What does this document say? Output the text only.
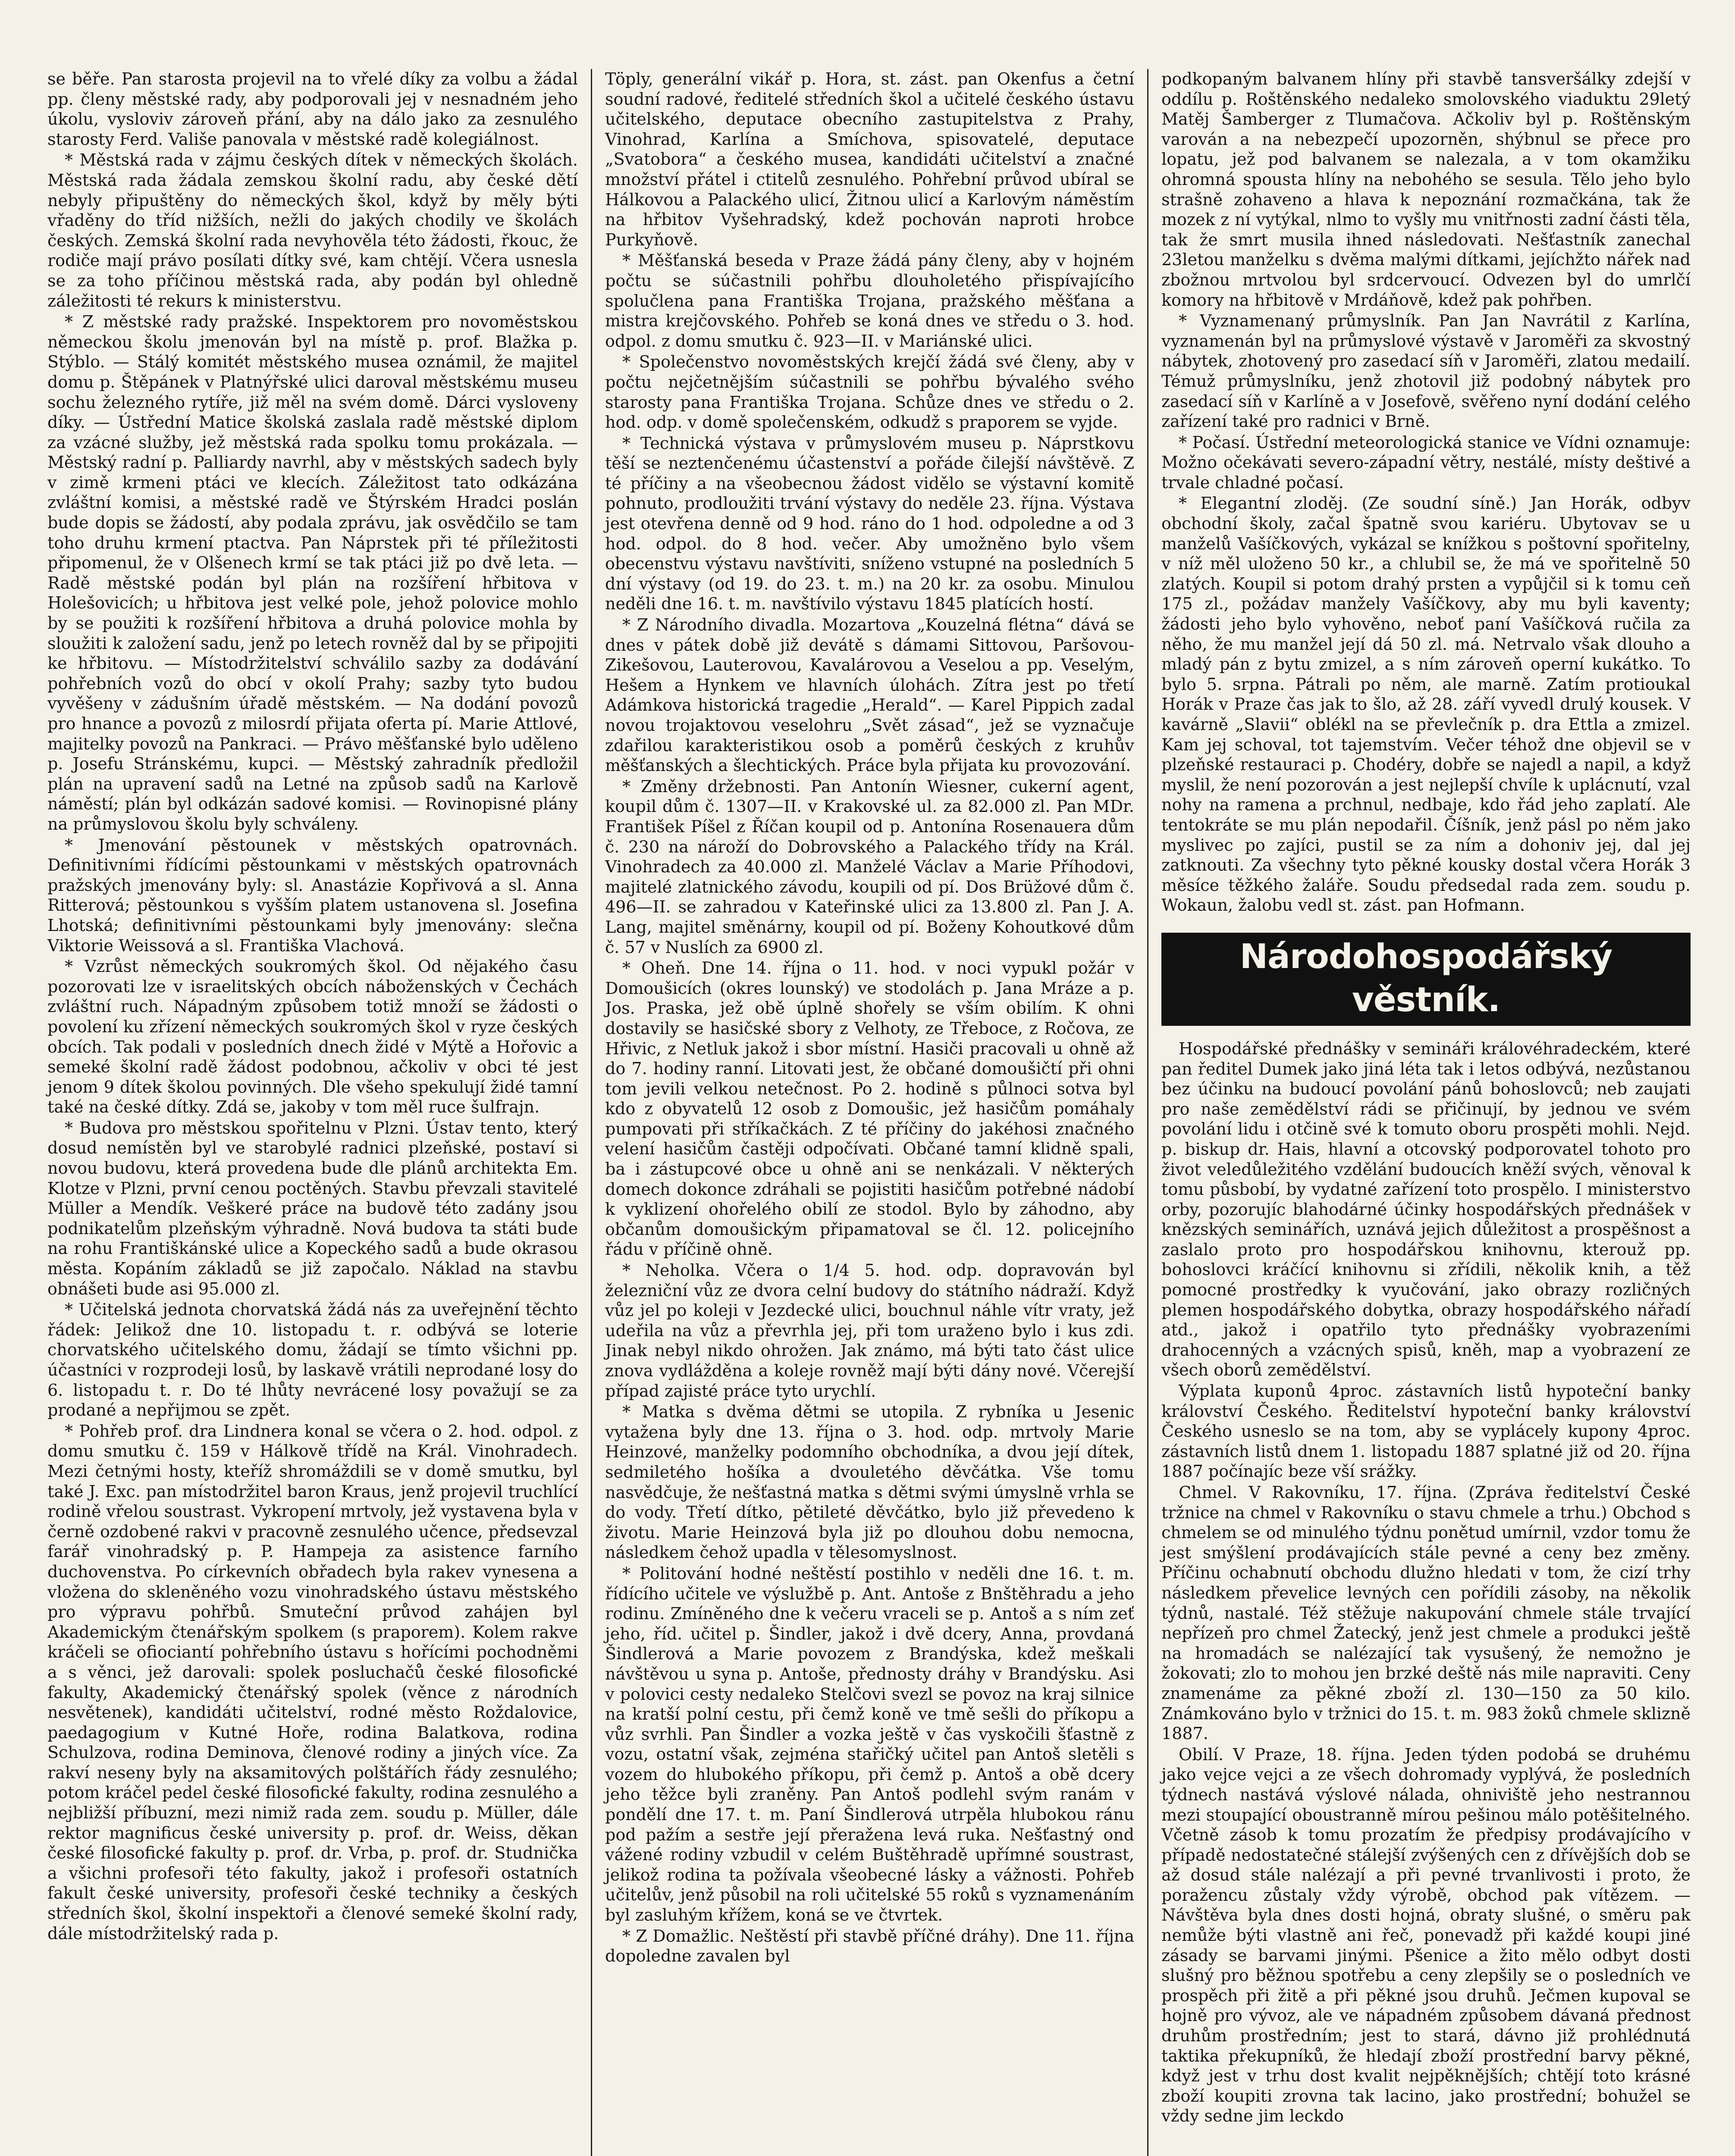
se běře. Pan starosta projevil na to vřelé díky za volbu a žádal pp. členy městské rady, aby podporovali jej v nesnadném jeho úkolu, vysloviv zároveň přání, aby na dálo jako za zesnulého starosty Ferd. Vališe panovala v městské radě kolegiálnost.

* Městská rada v zájmu českých dítek v německých školách. Městská rada žádala zemskou školní radu, aby české dětí nebyly připuštěny do německých škol, když by měly býti vřaděny do tříd nižších, nežli do jakých chodily ve školách českých. Zemská školní rada nevyhověla této žádosti, řkouc, že rodiče mají právo posílati dítky své, kam chtějí. Včera usnesla se za toho příčinou městská rada, aby podán byl ohledně záležitosti té rekurs k ministerstvu.

* Z městské rady pražské. Inspektorem pro novoměstskou německou školu jmenován byl na místě p. prof. Blažka p. Stýblo. — Stálý komitét městského musea oznámil, že majitel domu p. Štěpánek v Platnýřské ulici daroval městskému museu sochu železného rytíře, již měl na svém domě. Dárci vysloveny díky. — Ústřední Matice školská zaslala radě městské diplom za vzácné služby, jež městská rada spolku tomu prokázala. — Městský radní p. Palliardy navrhl, aby v městských sadech byly v zimě krmeni ptáci ve klecích. Záležitost tato odkázána zvláštní komisi, a městské radě ve Štýrském Hradci poslán bude dopis se žádostí, aby podala zprávu, jak osvědčilo se tam toho druhu krmení ptactva. Pan Náprstek při té příležitosti připomenul, že v Olšenech krmí se tak ptáci již po dvě leta. — Radě městské podán byl plán na rozšíření hřbitova v Holešovicích; u hřbitova jest velké pole, jehož polovice mohlo by se použiti k rozšíření hřbitova a druhá polovice mohla by sloužiti k založení sadu, jenž po letech rovněž dal by se připojiti ke hřbitovu. — Místodržitelství schválilo sazby za dodávání pohřebních vozů do obcí v okolí Prahy; sazby tyto budou vyvěšeny v zádušním úřadě městském. — Na dodání povozů pro hnance a povozů z milosrdí přijata oferta pí. Marie Attlové, majitelky povozů na Pankraci. — Právo měšťanské bylo uděleno p. Josefu Stránskému, kupci. — Městský zahradník předložil plán na upravení sadů na Letné na způsob sadů na Karlově náměstí; plán byl odkázán sadové komisi. — Rovinopisné plány na průmyslovou školu byly schváleny.

* Jmenování pěstounek v městských opatrovnách. Definitivními řídícími pěstounkami v městských opatrovnách pražských jmenovány byly: sl. Anastázie Kopřivová a sl. Anna Ritterová; pěstounkou s vyšším platem ustanovena sl. Josefina Lhotská; definitivními pěstounkami byly jmenovány: slečna Viktorie Weissová a sl. Františka Vlachová.

* Vzrůst německých soukromých škol. Od nějakého času pozorovati lze v israelitských obcích náboženských v Čechách zvláštní ruch. Nápadným způsobem totiž množí se žádosti o povolení ku zřízení německých soukromých škol v ryze českých obcích. Tak podali v posledních dnech židé v Mýtě a Hořovic a semeké školní radě žádost podobnou, ačkoliv v obci té jest jenom 9 dítek školou povinných. Dle všeho spekulují židé tamní také na české dítky. Zdá se, jakoby v tom měl ruce šulfrajn.

* Budova pro městskou spořitelnu v Plzni. Ústav tento, který dosud nemístěn byl ve starobylé radnici plzeňské, postaví si novou budovu, která provedena bude dle plánů architekta Em. Klotze v Plzni, první cenou poctěných. Stavbu převzali stavitelé Müller a Mendík. Veškeré práce na budově této zadány jsou podnikatelům plzeňským výhradně. Nová budova ta státi bude na rohu Františkánské ulice a Kopeckého sadů a bude okrasou města. Kopáním základů se již započalo. Náklad na stavbu obnášeti bude asi 95.000 zl.

* Učitelská jednota chorvatská žádá nás za uveřejnění těchto řádek: Jelikož dne 10. listopadu t. r. odbývá se loterie chorvatského učitelského domu, žádají se tímto všichni pp. účastníci v rozprodeji losů, by laskavě vrátili neprodané losy do 6. listopadu t. r. Do té lhůty nevrácené losy považují se za prodané a nepřijmou se zpět.

* Pohřeb prof. dra Lindnera konal se včera o 2. hod. odpol. z domu smutku č. 159 v Hálkově třídě na Král. Vinohradech. Mezi četnými hosty, kteříž shromáždili se v domě smutku, byl také J. Exc. pan místodržitel baron Kraus, jenž projevil truchlící rodině vřelou soustrast. Vykropení mrtvoly, jež vystavena byla v černě ozdobené rakvi v pracovně zesnulého učence, předsevzal farář vinohradský p. P. Hampeja za asistence farního duchovenstva. Po církevních obřadech byla rakev vynesena a vložena do skleněného vozu vinohradského ústavu městského pro výpravu pohřbů. Smuteční průvod zahájen byl Akademickým čtenářským spolkem (s praporem). Kolem rakve kráčeli se ofiociantí pohřebního ústavu s hořícími pochodněmi a s věnci, jež darovali: spolek posluchačů české filosofické fakulty, Akademický čtenářský spolek (věnce z národních nesvětenek), kandidáti učitelství, rodné město Roždalovice, paedagogium v Kutné Hoře, rodina Balatkova, rodina Schulzova, rodina Deminova, členové rodiny a jiných více. Za rakví neseny byly na aksamitových polštářích řády zesnulého; potom kráčel pedel české filosofické fakulty, rodina zesnulého a nejbližší příbuzní, mezi nimiž rada zem. soudu p. Müller, dále rektor magnificus české university p. prof. dr. Weiss, děkan české filosofické fakulty p. prof. dr. Vrba, p. prof. dr. Studnička a všichni profesoři této fakulty, jakož i profesoři ostatních fakult české university, profesoři české techniky a českých středních škol, školní inspektoři a členové semeké školní rady, dále místodržitelský rada p.

Töply, generální vikář p. Hora, st. zást. pan Okenfus a četní soudní radové, ředitelé středních škol a učitelé českého ústavu učitelského, deputace obecního zastupitelstva z Prahy, Vinohrad, Karlína a Smíchova, spisovatelé, deputace „Svatobora“ a českého musea, kandidáti učitelství a značné množství přátel i ctitelů zesnulého. Pohřební průvod ubíral se Hálkovou a Palackého ulicí, Žitnou ulicí a Karlovým náměstím na hřbitov Vyšehradský, kdež pochován naproti hrobce Purkyňově.

* Měšťanská beseda v Praze žádá pány členy, aby v hojném počtu se súčastnili pohřbu dlouholetého přispívajícího spolučlena pana Františka Trojana, pražského měšťana a mistra krejčovského. Pohřeb se koná dnes ve středu o 3. hod. odpol. z domu smutku č. 923—II. v Mariánské ulici.

* Společenstvo novoměstských krejčí žádá své členy, aby v počtu nejčetnějším súčastnili se pohřbu bývalého svého starosty pana Františka Trojana. Schůze dnes ve středu o 2. hod. odp. v domě společenském, odkudž s praporem se vyjde.

* Technická výstava v průmyslovém museu p. Náprstkovu těší se neztenčenému účastenství a pořáde čilejší návštěvě. Z té příčiny a na všeobecnou žádost vidělo se výstavní komitě pohnuto, prodloužiti trvání výstavy do neděle 23. října. Výstava jest otevřena denně od 9 hod. ráno do 1 hod. odpoledne a od 3 hod. odpol. do 8 hod. večer. Aby umožněno bylo všem obecenstvu výstavu navštíviti, sníženo vstupné na posledních 5 dní výstavy (od 19. do 23. t. m.) na 20 kr. za osobu. Minulou neděli dne 16. t. m. navštívilo výstavu 1845 platících hostí.

* Z Národního divadla. Mozartova „Kouzelná flétna“ dává se dnes v pátek době již devátě s dámami Sittovou, Paršovou-Zikešovou, Lauterovou, Kavalárovou a Veselou a pp. Veselým, Hešem a Hynkem ve hlavních úlohách. Zítra jest po třetí Adámkova historická tragedie „Herald“. — Karel Pippich zadal novou trojaktovou veselohru „Svět zásad“, jež se vyznačuje zdařilou karakteristikou osob a poměrů českých z kruhův měšťanských a šlechtických. Práce byla přijata ku provozování.

* Změny držebnosti. Pan Antonín Wiesner, cukerní agent, koupil dům č. 1307—II. v Krakovské ul. za 82.000 zl. Pan MDr. František Píšel z Říčan koupil od p. Antonína Rosenauera dům č. 230 na nároží do Dobrovského a Palackého třídy na Král. Vinohradech za 40.000 zl. Manželé Václav a Marie Příhodovi, majitelé zlatnického závodu, koupili od pí. Dos Brüžové dům č. 496—II. se zahradou v Kateřinské ulici za 13.800 zl. Pan J. A. Lang, majitel směnárny, koupil od pí. Boženy Kohoutkové dům č. 57 v Nuslích za 6900 zl.

* Oheň. Dne 14. října o 11. hod. v noci vypukl požár v Domoušicích (okres lounský) ve stodolách p. Jana Mráze a p. Jos. Praska, jež obě úplně shořely se vším obilím. K ohni dostavily se hasičské sbory z Velhoty, ze Třeboce, z Ročova, ze Hřivic, z Netluk jakož i sbor místní. Hasiči pracovali u ohně až do 7. hodiny ranní. Litovati jest, že občané domoušičtí při ohni tom jevili velkou netečnost. Po 2. hodině s půlnoci sotva byl kdo z obyvatelů 12 osob z Domoušic, jež hasičům pomáhaly pumpovati při stříkačkách. Z té příčiny do jakéhosi značného velení hasičům častěji odpočívati. Občané tamní klidně spali, ba i zástupcové obce u ohně ani se nenkázali. V některých domech dokonce zdráhali se pojistiti hasičům potřebné nádobí k vyklizení ohořelého obilí ze stodol. Bylo by záhodno, aby občanům domoušickým připamatoval se čl. 12. policejního řádu v příčině ohně.

* Neholka. Včera o 1/4 5. hod. odp. dopravován byl železniční vůz ze dvora celní budovy do státního nádraží. Když vůz jel po koleji v Jezdecké ulici, bouchnul náhle vítr vraty, jež udeřila na vůz a převrhla jej, při tom uraženo bylo i kus zdi. Jinak nebyl nikdo ohrožen. Jak známo, má býti tato část ulice znova vydlážděna a koleje rovněž mají býti dány nové. Včerejší případ zajisté práce tyto urychlí.

* Matka s dvěma dětmi se utopila. Z rybníka u Jesenic vytažena byly dne 13. října o 3. hod. odp. mrtvoly Marie Heinzové, manželky podomního obchodníka, a dvou její dítek, sedmiletého hošíka a dvouletého děvčátka. Vše tomu nasvědčuje, že nešťastná matka s dětmi svými úmyslně vrhla se do vody. Třetí dítko, pětileté děvčátko, bylo již převedeno k životu. Marie Heinzová byla již po dlouhou dobu nemocna, následkem čehož upadla v tělesomyslnost.

* Politování hodné neštěstí postihlo v neděli dne 16. t. m. řídícího učitele ve výslužbě p. Ant. Antoše z Bnštěhradu a jeho rodinu. Zmíněného dne k večeru vraceli se p. Antoš a s ním zeť jeho, říd. učitel p. Šindler, jakož i dvě dcery, Anna, provdaná Šindlerová a Marie povozem z Brandýska, kdež meškali návštěvou u syna p. Antoše, přednosty dráhy v Brandýsku. Asi v polovici cesty nedaleko Stelčovi svezl se povoz na kraj silnice na kratší polní cestu, při čemž koně ve tmě sešli do příkopu a vůz svrhli. Pan Šindler a vozka ještě v čas vyskočili šťastně z vozu, ostatní však, zejména stařičký učitel pan Antoš sletěli s vozem do hlubokého příkopu, při čemž p. Antoš a obě dcery jeho těžce byli zraněny. Pan Antoš podlehl svým ranám v pondělí dne 17. t. m. Paní Šindlerová utrpěla hlubokou ránu pod pažím a sestře její přeražena levá ruka. Nešťastný ond vážené rodiny vzbudil v celém Buštěhradě upřímné soustrast, jelikož rodina ta požívala všeobecné lásky a vážnosti. Pohřeb učitelův, jenž působil na roli učitelské 55 roků s vyznamenáním byl zasluhým křížem, koná se ve čtvrtek.

* Z Domažlic. Neštěstí při stavbě příčné dráhy). Dne 11. října dopoledne zavalen byl

podkopaným balvanem hlíny při stavbě tansveršálky zdejší v oddílu p. Roštěnského nedaleko smolovského viaduktu 29letý Matěj Šamberger z Tlumačova. Ačkoliv byl p. Roštěnským varován a na nebezpečí upozorněn, shýbnul se přece pro lopatu, jež pod balvanem se nalezala, a v tom okamžiku ohromná spousta hlíny na nebohého se sesula. Tělo jeho bylo strašně zohaveno a hlava k nepoznání rozmačkána, tak že mozek z ní vytýkal, nlmo to vyšly mu vnitřnosti zadní části těla, tak že smrt musila ihned následovati. Nešťastník zanechal 23letou manželku s dvěma malými dítkami, jejíchžto nářek nad zbožnou mrtvolou byl srdcervoucí. Odvezen byl do umrlčí komory na hřbitově v Mrdáňově, kdež pak pohřben.

* Vyznamenaný průmyslník. Pan Jan Navrátil z Karlína, vyznamenán byl na průmyslové výstavě v Jaroměři za skvostný nábytek, zhotovený pro zasedací síň v Jaroměři, zlatou medailí. Témuž průmyslníku, jenž zhotovil již podobný nábytek pro zasedací síň v Karlíně a v Josefově, svěřeno nyní dodání celého zařízení také pro radnici v Brně.

* Počasí. Ústřední meteorologická stanice ve Vídni oznamuje: Možno očekávati severo-západní větry, nestálé, místy deštivé a trvale chladné počasí.

* Elegantní zloděj. (Ze soudní síně.) Jan Horák, odbyv obchodní školy, začal špatně svou kariéru. Ubytovav se u manželů Vašíčkových, vykázal se knížkou s poštovní spořitelny, v níž měl uloženo 50 kr., a chlubil se, že má ve spořitelně 50 zlatých. Koupil si potom drahý prsten a vypůjčil si k tomu ceň 175 zl., požádav manžely Vašíčkovy, aby mu byli kaventy; žádosti jeho bylo vyhověno, neboť paní Vašíčková ručila za něho, že mu manžel její dá 50 zl. má. Netrvalo však dlouho a mladý pán z bytu zmizel, a s ním zároveň operní kukátko. To bylo 5. srpna. Pátrali po něm, ale marně. Zatím protioukal Horák v Praze čas jak to šlo, až 28. září vyvedl drulý kousek. V kavárně „Slavii“ oblékl na se převlečník p. dra Ettla a zmizel. Kam jej schoval, tot tajemstvím. Večer téhož dne objevil se v plzeňské restauraci p. Chodéry, dobře se najedl a napil, a když myslil, že není pozorován a jest nejlepší chvíle k uplácnutí, vzal nohy na ramena a prchnul, nedbaje, kdo řád jeho zaplatí. Ale tentokráte se mu plán nepodařil. Číšník, jenž pásl po něm jako myslivec po zajíci, pustil se za ním a dohoniv jej, dal jej zatknouti. Za všechny tyto pěkné kousky dostal včera Horák 3 měsíce těžkého žaláře. Soudu předsedal rada zem. soudu p. Wokaun, žalobu vedl st. zást. pan Hofmann.

Národohospodářský věstník.

Hospodářské přednášky v semináři královéhradeckém, které pan ředitel Dumek jako jiná léta tak i letos odbývá, nezůstanou bez účinku na budoucí povolání pánů bohoslovců; neb zaujati pro naše zemědělství rádi se přičinují, by jednou ve svém povolání lidu i otčině své k tomuto oboru prospěti mohli. Nejd. p. biskup dr. Hais, hlavní a otcovský podporovatel tohoto pro život veledůležitého vzdělání budoucích kněží svých, věnoval k tomu půsbobí, by vydatné zařízení toto prospělo. I ministerstvo orby, pozorujíc blahodárné účinky hospodářských přednášek v knězských seminářích, uznává jejich důležitost a prospěšnost a zaslalo proto pro hospodářskou knihovnu, kterouž pp. bohoslovci kráčící knihovnu si zřídili, několik knih, a těž pomocné prostředky k vyučování, jako obrazy rozličných plemen hospodářského dobytka, obrazy hospodářského nářadí atd., jakož i opatřilo tyto přednášky vyobrazeními drahocenných a vzácných spisů, kněh, map a vyobrazení ze všech oborů zemědělství.

Výplata kuponů 4proc. zástavních listů hypoteční banky království Českého. Ředitelství hypoteční banky království Českého usneslo se na tom, aby se vyplácely kupony 4proc. zástavních listů dnem 1. listopadu 1887 splatné již od 20. října 1887 počínajíc beze vší srážky.

Chmel. V Rakovníku, 17. října. (Zpráva ředitelství České tržnice na chmel v Rakovníku o stavu chmele a trhu.) Obchod s chmelem se od minulého týdnu ponětud umírnil, vzdor tomu že jest smýšlení prodávajících stále pevné a ceny bez změny. Příčinu ochabnutí obchodu dlužno hledati v tom, že cizí trhy následkem převelice levných cen pořídili zásoby, na několik týdnů, nastalé. Též stěžuje nakupování chmele stále trvající nepřízeň pro chmel Žatecký, jenž jest chmele a produkci ještě na hromadách se nalézající tak vysušený, že nemožno je žokovati; zlo to mohou jen brzké deště nás mile napraviti. Ceny znamenáme za pěkné zboží zl. 130—150 za 50 kilo. Známkováno bylo v tržnici do 15. t. m. 983 žoků chmele sklizně 1887.

Obilí. V Praze, 18. října. Jeden týden podobá se druhému jako vejce vejci a ze všech dohromady vyplývá, že posledních týdnech nastává výslové nálada, ohniviště jeho nestrannou mezi stoupající oboustranně mírou pešinou málo potěšitelného. Včetně zásob k tomu prozatím že předpisy prodávajícího v případě nedostatečné stálejší zvýšených cen z dřívějších dob se až dosud stále nalézají a při pevné trvanlivosti i proto, že poražencu zůstaly vždy výrobě, obchod pak vítězem. — Návštěva byla dnes dosti hojná, obraty slušné, o směru pak nemůže býti vlastně ani řeč, ponevadž při každé koupi jiné zásady se barvami jinými. Pšenice a žito mělo odbyt dosti slušný pro běžnou spotřebu a ceny zlepšily se o posledních ve prospěch při žitě a při pěkné jsou druhů. Ječmen kupoval se hojně pro vývoz, ale ve nápadném způsobem dávaná přednost druhům prostředním; jest to stará, dávno již prohlédnutá taktika překupníků, že hledají zboží prostřední barvy pěkné, když jest v trhu dost kvalit nejpěknějších; chtějí toto krásné zboží koupiti zrovna tak lacino, jako prostřední; bohužel se vždy sedne jim leckdo
